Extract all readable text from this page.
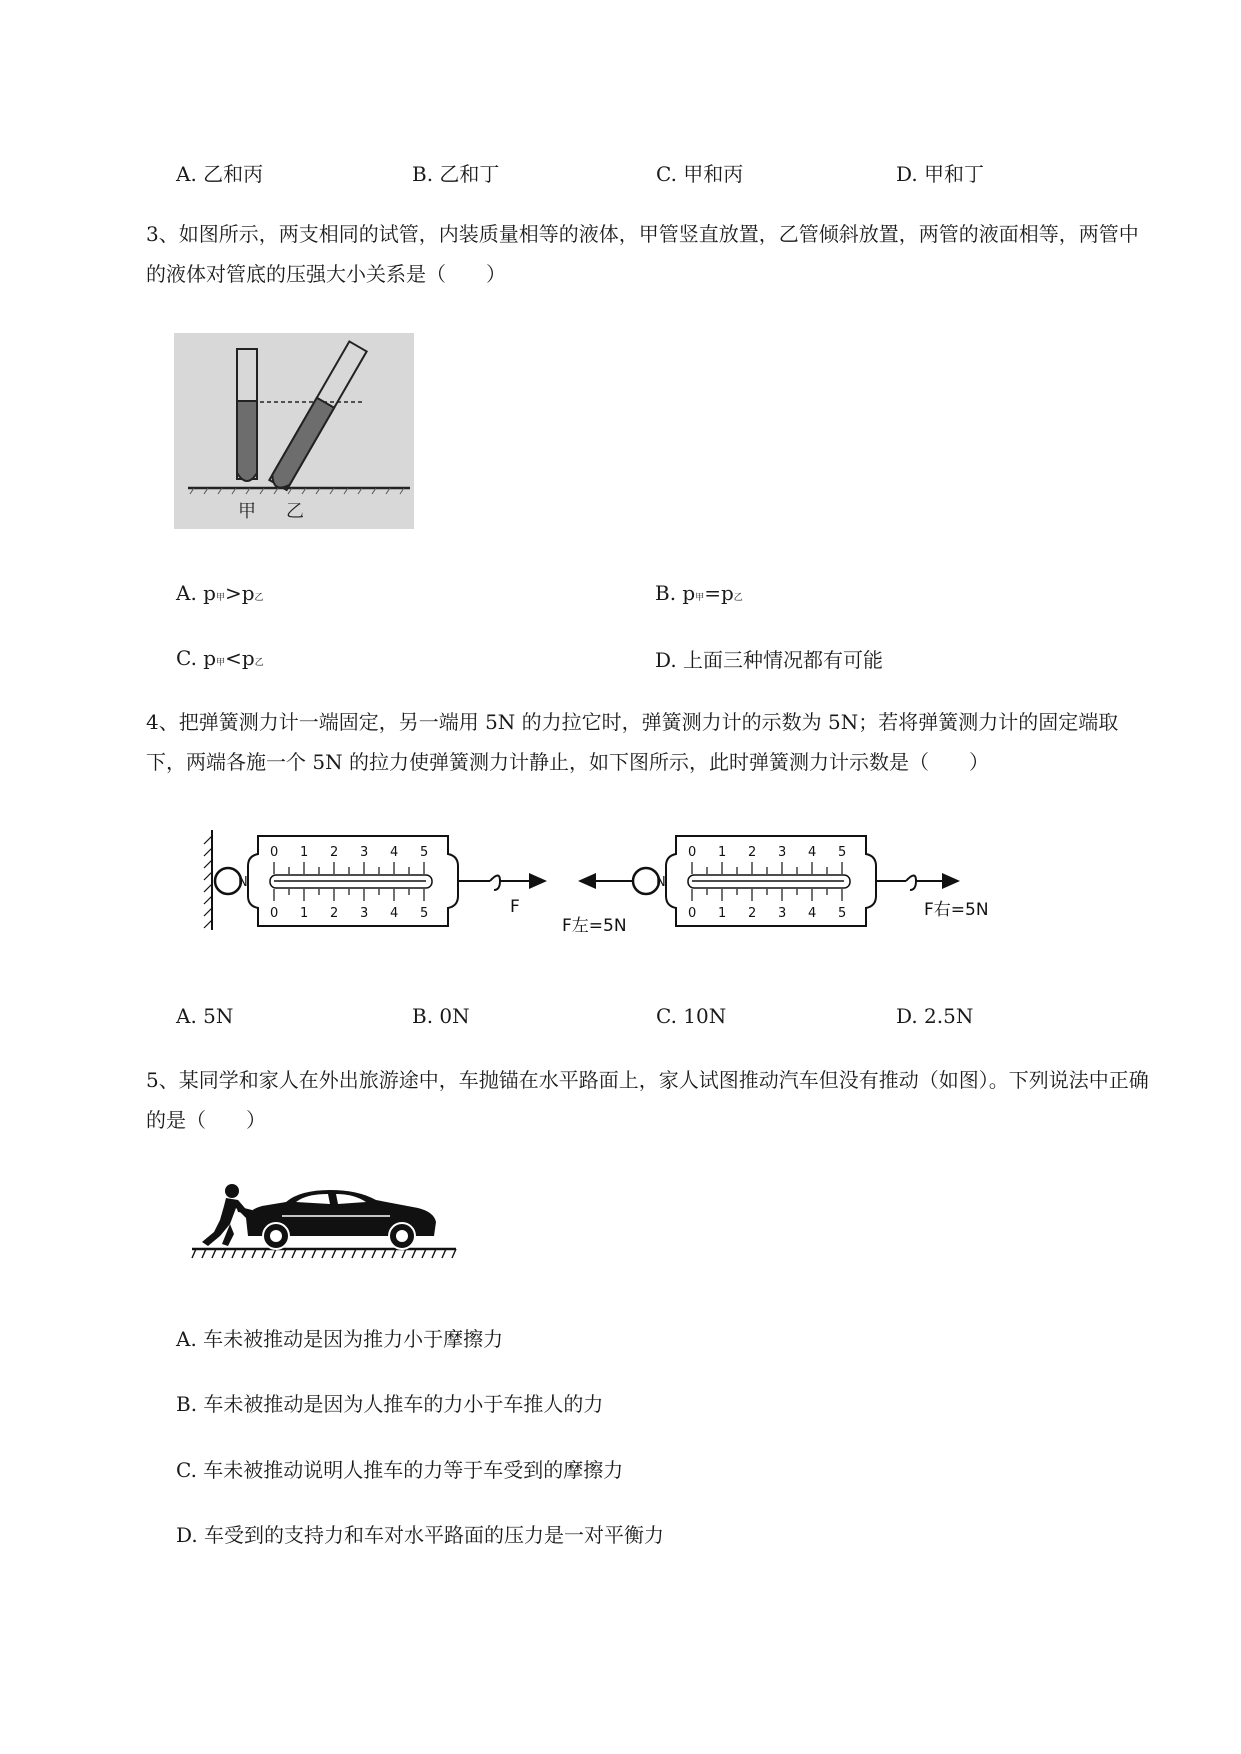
A. 乙和丙	B. 乙和丁	C. 甲和丙	D. 甲和丁
3、如图所示，两支相同的试管，内装质量相等的液体，甲管竖直放置，乙管倾斜放置，两管的液面相等，两管中的液体对管底的压强大小关系是（　　）
甲 乙
A. p甲>p乙	B. p甲=p乙
C. p甲<p乙	D. 上面三种情况都有可能
4、把弹簧测力计一端固定，另一端用 5N 的力拉它时，弹簧测力计的示数为 5N；若将弹簧测力计的固定端取下，两端各施一个 5N 的拉力使弹簧测力计静止，如下图所示，此时弹簧测力计示数是（　　）
N
0 1 2 3 4 5
0 1 2 3 4 5	F
N
0 1 2 3 4 5
0 1 2 3 4 5	F右=5N
F左=5N
A. 5N	B. 0N	C. 10N	D. 2.5N
5、某同学和家人在外出旅游途中，车抛锚在水平路面上，家人试图推动汽车但没有推动（如图）。下列说法中正确的是（　　）
A. 车未被推动是因为推力小于摩擦力
B. 车未被推动是因为人推车的力小于车推人的力
C. 车未被推动说明人推车的力等于车受到的摩擦力
D. 车受到的支持力和车对水平路面的压力是一对平衡力
